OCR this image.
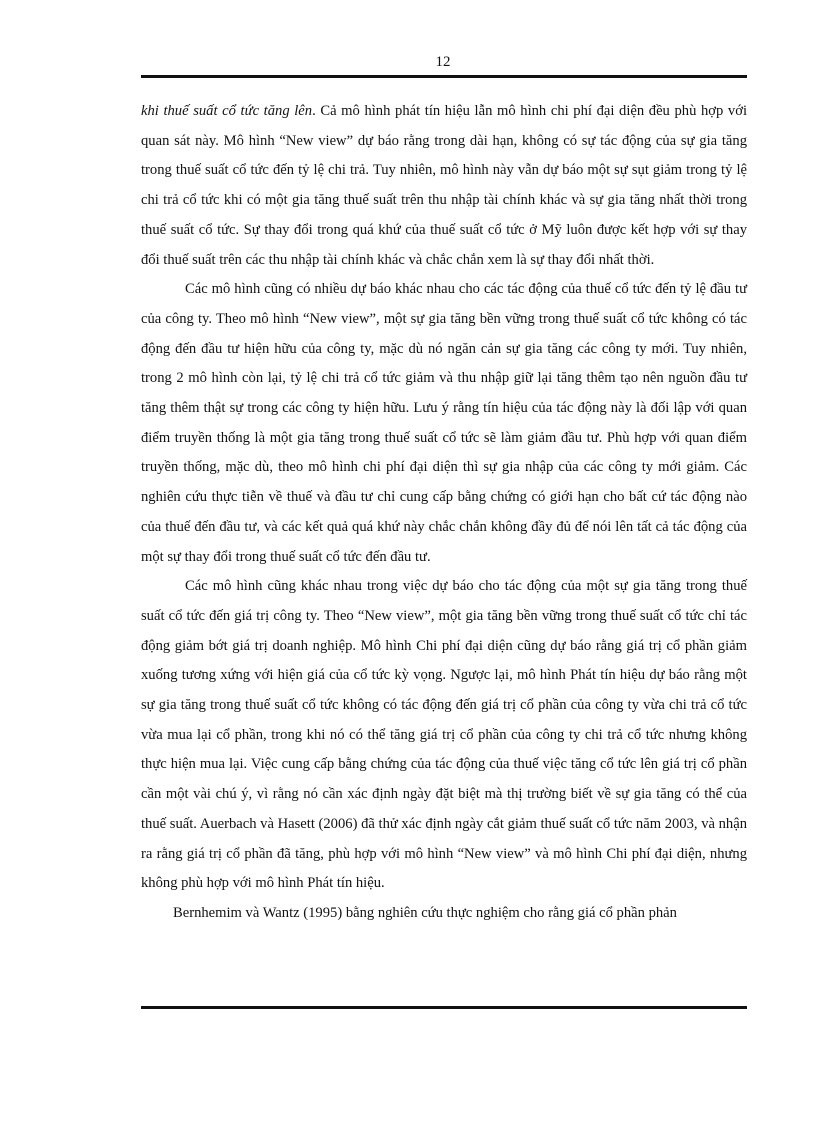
12

khi thuế suất cổ tức tăng lên. Cả mô hình phát tín hiệu lẫn mô hình chi phí đại diện đều phù hợp với quan sát này. Mô hình “New view” dự báo rằng trong dài hạn, không có sự tác động của sự gia tăng trong thuế suất cổ tức đến tỷ lệ chi trả. Tuy nhiên, mô hình này vẫn dự báo một sự sụt giảm trong tỷ lệ chi trả cổ tức khi có một gia tăng thuế suất trên thu nhập tài chính khác và sự gia tăng nhất thời trong thuế suất cổ tức. Sự thay đổi trong quá khứ của thuế suất cổ tức ở Mỹ luôn được kết hợp với sự thay đổi thuế suất trên các thu nhập tài chính khác và chắc chắn xem là sự thay đổi nhất thời.

Các mô hình cũng có nhiều dự báo khác nhau cho các tác động của thuế cổ tức đến tỷ lệ đầu tư của công ty. Theo mô hình “New view”, một sự gia tăng bền vững trong thuế suất cổ tức không có tác động đến đầu tư hiện hữu của công ty, mặc dù nó ngăn cản sự gia tăng các công ty mới. Tuy nhiên, trong 2 mô hình còn lại, tỷ lệ chi trả cổ tức giảm và thu nhập giữ lại tăng thêm tạo nên nguồn đầu tư tăng thêm thật sự trong các công ty hiện hữu. Lưu ý rằng tín hiệu của tác động này là đối lập với quan điểm truyền thống là một gia tăng trong thuế suất cổ tức sẽ làm giảm đầu tư. Phù hợp với quan điểm truyền thống, mặc dù, theo mô hình chi phí đại diện thì sự gia nhập của các công ty mới giảm. Các nghiên cứu thực tiễn về thuế và đầu tư chỉ cung cấp bằng chứng có giới hạn cho bất cứ tác động nào của thuế đến đầu tư, và các kết quả quá khứ này chắc chắn không đầy đủ để nói lên tất cả tác động của một sự thay đổi trong thuế suất cổ tức đến đầu tư.

Các mô hình cũng khác nhau trong việc dự báo cho tác động của một sự gia tăng trong thuế suất cổ tức đến giá trị công ty. Theo “New view”, một gia tăng bền vững trong thuế suất cổ tức chỉ tác động giảm bớt giá trị doanh nghiệp. Mô hình Chi phí đại diện cũng dự báo rằng giá trị cổ phần giảm xuống tương xứng với hiện giá của cổ tức kỳ vọng. Ngược lại, mô hình Phát tín hiệu dự báo rằng một sự gia tăng trong thuế suất cổ tức không có tác động đến giá trị cổ phần của công ty vừa chi trả cổ tức vừa mua lại cổ phần, trong khi nó có thể tăng giá trị cổ phần của công ty chi trả cổ tức nhưng không thực hiện mua lại. Việc cung cấp bằng chứng của tác động của thuế việc tăng cổ tức lên giá trị cổ phần cần một vài chú ý, vì rằng nó cần xác định ngày đặt biệt mà thị trường biết về sự gia tăng có thể của thuế suất. Auerbach và Hasett (2006) đã thử xác định ngày cắt giảm thuế suất cổ tức năm 2003, và nhận ra rằng giá trị cổ phần đã tăng, phù hợp với mô hình “New view” và mô hình Chi phí đại diện, nhưng không phù hợp với mô hình Phát tín hiệu.

Bernhemim và Wantz (1995) bằng nghiên cứu thực nghiệm cho rằng giá cổ phần phản
